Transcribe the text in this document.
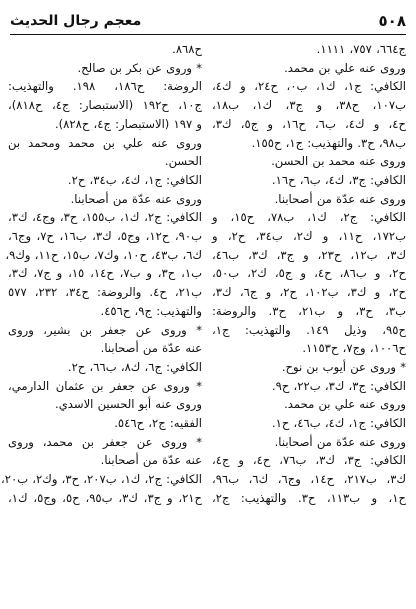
٥٠٨
معجم رجال الحديث
ج٦٦٤، ٧٥٧، ١١١١.
وروى عنه علي بن محمد.
الكافي: ج١، ك١، ب٠، ح٢٤، و ك٤،
ب١٠٧، ح٣٨، و ج٣، ك١، ب١٨،
ح٤، و ك٤، ب٦، ح١٦، و ج٥، ك٣،
ب٩٨، ح٣. والتهذيب: ج١، ح١٥٥.
وروى عنه محمد بن الحسن.
الكافي: ج٣، ك٤، ب٦، ح١٦.
وروى عنه عدّة من أصحابنا.
الكافي: ج٢، ك١، ب٧٨، ح١٥، و
ب١٧٢، ح١١، و ك٢، ب٣٤، ح٢، و
ك٣، ب١٢، ح٢٣، و ج٣، ك٣، ب٤٦،
ح٢، و ب٨٦، ح٤، و ج٥، ك٢، ب٥٠،
ح٢، و ك٣، ب١٠٢، ح٢، و ج٦، ك٣،
ب٣، ح٣، و ب٢١، ح٣. والروضة:
ح٩٥، وذيل ١٤٩. والتهذيب: ج١،
ح١٠٠٦، وج٧، ح١١٥٣.
* وروى عن أيوب بن نوح.
الكافي: ج٣، ك٣، ب٢٢، ح٩.
وروى عنه علي بن محمد.
الكافي: ج١، ك٤، ب٤٦، ح١.
وروى عنه عدّة من أصحابنا.
الكافي: ج٣، ك٣، ب٧٦، ح٤، و ج٤،
ك٣، ب٢١٧، ح١٤، وج٦، ك٦، ب٩٦،
ح١، و ب١١٣، ح٣. والتهذيب: ج٢،
ح٨٦٨.
* وروى عن بكر بن صالح.
الروضة: ح١٨٦، ١٩٨. والتهذيب:
ج١٠، ح١٩٢ (الاستبصار: ج٤، ح٨١٨)،
و ١٩٧ (الاستبصار: ج٤، ح٨٢٨).
وروى عنه علي بن محمد ومحمد بن
الحسن.
الكافي: ج١، ك٤، ب٣٤، ح٢.
وروى عنه عدّة من أصحابنا.
الكافي: ج٢، ك١، ب١٥٥، ح٣، وج٤، ك٣،
ب٩٠، ح١٢، وج٥، ك٣، ب١٦، ح٧، وج٦،
ك٦، ب٤٣، ح١٠، وك٧، ب١٥، ح١١، وك٩،
ب١، ح٣، و ب٧، ح١٤، ١٥، و ج٧، ك٣،
ب٢١، ح٤. والروضة: ح٣٤، ٢٣٢، ٥٧٧
والتهذيب: ج٩، ح٤٥٦.
* وروى عن جعفر بن بشير، وروى
عنه عدّة من أصحابنا.
الكافي: ج٦، ك٨، ب٦٦، ح٢.
* وروى عن جعفر بن عثمان الدارمي،
وروى عنه أبو الحسين الاسدي.
الفقيه: ج٢، ح٥٤٦.
* وروى عن جعفر بن محمد، وروى
عنه عدّة من أصحابنا.
الكافي: ج٢، ك١، ب٢٠٧، ح٣، وك٢، ب٢٠،
ح٢١، و ج٣، ك٣، ب٩٥، ح٥، وج٥، ك١،
